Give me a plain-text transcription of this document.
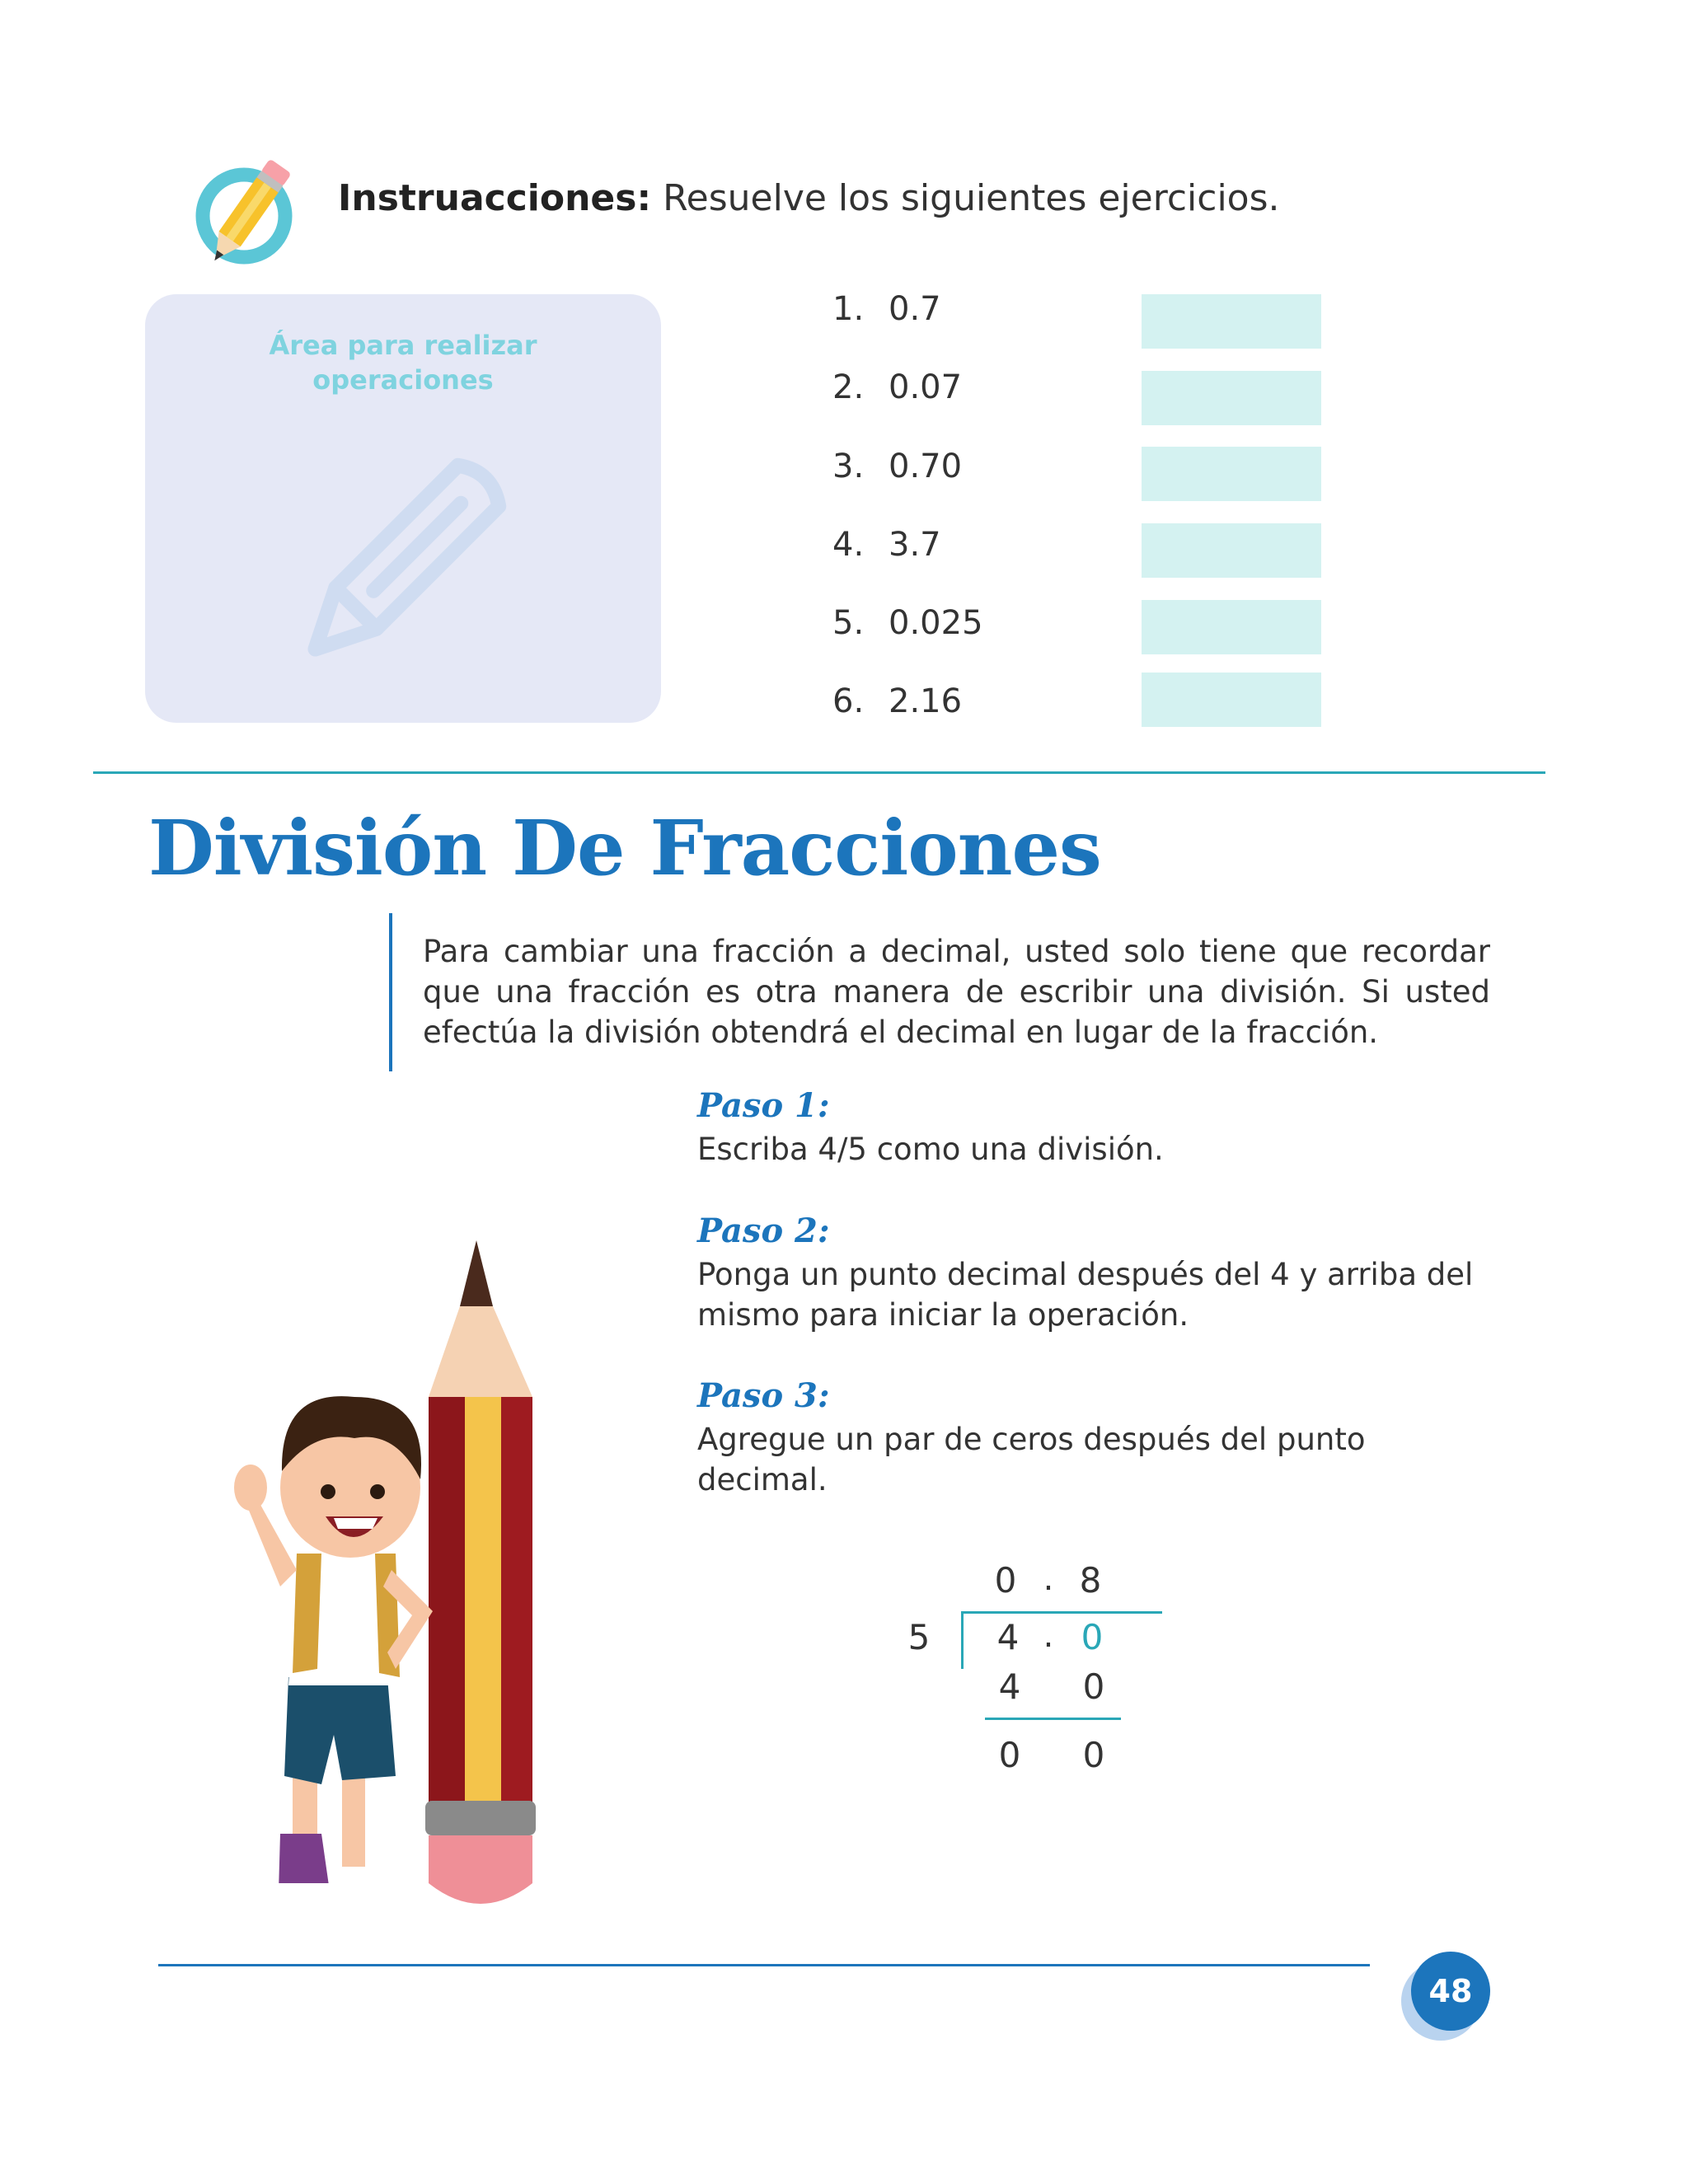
Instruacciones: Resuelve los siguientes ejercicios.
Área para realizar
operaciones
1. 0.7
2. 0.07
3. 0.70
4. 3.7
5. 0.025
6. 2.16
División De Fracciones
Para cambiar una fracción a decimal, usted solo tiene que recordar que una fracción es otra manera de escribir una división. Si usted efectúa la división obtendrá el decimal en lugar de la fracción.
Paso 1:
Escriba 4/5 como una división.
Paso 2:
Ponga un punto decimal después del 4 y arriba del mismo para iniciar la operación.
Paso 3:
Agregue un par de ceros después del punto decimal.
0 . 8
5 4 . 0
4 0
0 0
48
